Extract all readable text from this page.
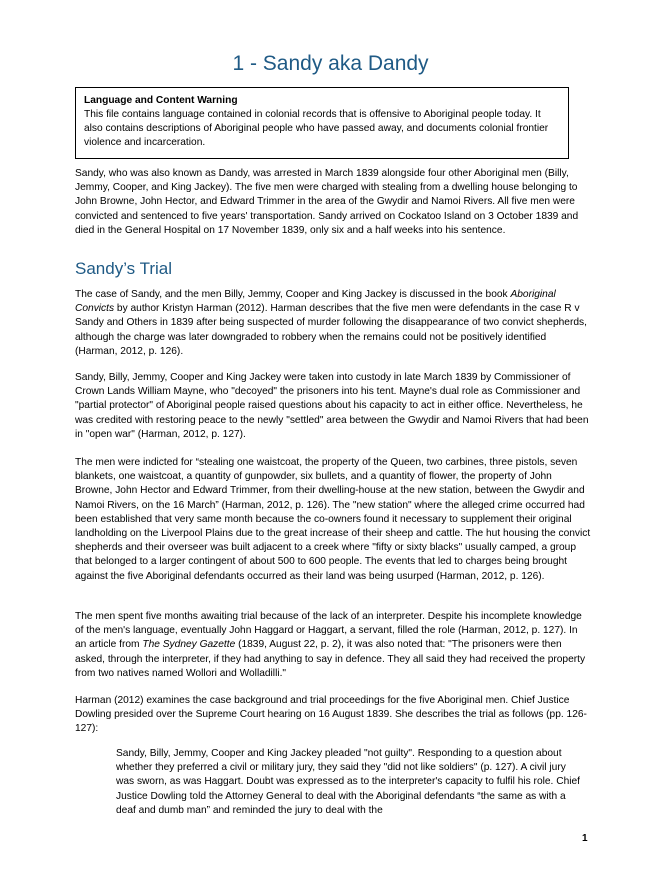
1 - Sandy aka Dandy
Language and Content Warning
This file contains language contained in colonial records that is offensive to Aboriginal people today. It also contains descriptions of Aboriginal people who have passed away, and documents colonial frontier violence and incarceration.

Sandy, who was also known as Dandy, was arrested in March 1839 alongside four other Aboriginal men (Billy, Jemmy, Cooper, and King Jackey). The five men were charged with stealing from a dwelling house belonging to John Browne, John Hector, and Edward Trimmer in the area of the Gwydir and Namoi Rivers. All five men were convicted and sentenced to five years' transportation. Sandy arrived on Cockatoo Island on 3 October 1839 and died in the General Hospital on 17 November 1839, only six and a half weeks into his sentence.

Sandy’s Trial

The case of Sandy, and the men Billy, Jemmy, Cooper and King Jackey is discussed in the book Aboriginal Convicts by author Kristyn Harman (2012). Harman describes that the five men were defendants in the case R v Sandy and Others in 1839 after being suspected of murder following the disappearance of two convict shepherds, although the charge was later downgraded to robbery when the remains could not be positively identified (Harman, 2012, p. 126).

Sandy, Billy, Jemmy, Cooper and King Jackey were taken into custody in late March 1839 by Commissioner of Crown Lands William Mayne, who "decoyed" the prisoners into his tent. Mayne's dual role as Commissioner and "partial protector" of Aboriginal people raised questions about his capacity to act in either office. Nevertheless, he was credited with restoring peace to the newly "settled" area between the Gwydir and Namoi Rivers that had been in "open war" (Harman, 2012, p. 127).

The men were indicted for “stealing one waistcoat, the property of the Queen, two carbines, three pistols, seven blankets, one waistcoat, a quantity of gunpowder, six bullets, and a quantity of flower, the property of John Browne, John Hector and Edward Trimmer, from their dwelling-house at the new station, between the Gwydir and Namoi Rivers, on the 16 March” (Harman, 2012, p. 126). The "new station" where the alleged crime occurred had been established that very same month because the co-owners found it necessary to supplement their original landholding on the Liverpool Plains due to the great increase of their sheep and cattle. The hut housing the convict shepherds and their overseer was built adjacent to a creek where "fifty or sixty blacks" usually camped, a group that belonged to a larger contingent of about 500 to 600 people. The events that led to charges being brought against the five Aboriginal defendants occurred as their land was being usurped (Harman, 2012, p. 126).

The men spent five months awaiting trial because of the lack of an interpreter. Despite his incomplete knowledge of the men's language, eventually John Haggard or Haggart, a servant, filled the role (Harman, 2012, p. 127). In an article from The Sydney Gazette (1839, August 22, p. 2), it was also noted that: "The prisoners were then asked, through the interpreter, if they had anything to say in defence. They all said they had received the property from two natives named Wollori and Wolladilli."

Harman (2012) examines the case background and trial proceedings for the five Aboriginal men. Chief Justice Dowling presided over the Supreme Court hearing on 16 August 1839. She describes the trial as follows (pp. 126-127):

Sandy, Billy, Jemmy, Cooper and King Jackey pleaded "not guilty". Responding to a question about whether they preferred a civil or military jury, they said they "did not like soldiers" (p. 127). A civil jury was sworn, as was Haggart. Doubt was expressed as to the interpreter's capacity to fulfil his role. Chief Justice Dowling told the Attorney General to deal with the Aboriginal defendants “the same as with a deaf and dumb man” and reminded the jury to deal with the

1
